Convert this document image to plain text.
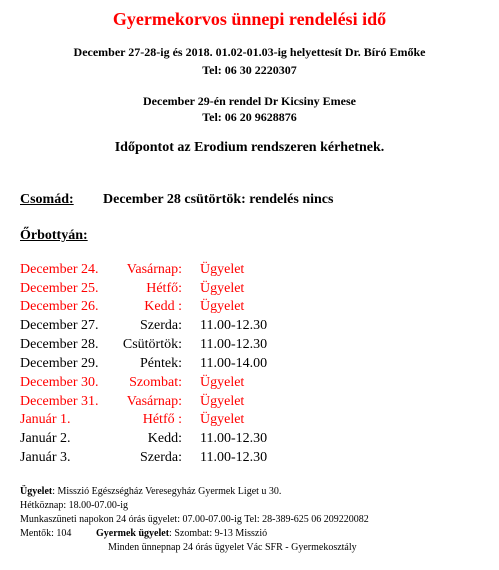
Gyermekorvos ünnepi rendelési idő
December 27-28-ig és 2018. 01.02-01.03-ig helyettesít Dr. Bíró Emőke
Tel: 06 30 2220307
December 29-én rendel Dr Kicsiny Emese
Tel: 06 20 9628876
Időpontot az Erodium rendszeren kérhetnek.
Csomád: December 28 csütörtök: rendelés nincs
Őrbottyán:
December 24.	Vasárnap: Ügyelet
December 25.	Hétfő: Ügyelet
December 26.	Kedd : Ügyelet
December 27.	Szerda: 11.00-12.30
December 28.	Csütörtök: 11.00-12.30
December 29.	Péntek: 11.00-14.00
December 30.	Szombat: Ügyelet
December 31.	Vasárnap: Ügyelet
Január 1.	Hétfő : Ügyelet
Január 2.	Kedd: 11.00-12.30
Január 3.	Szerda: 11.00-12.30
Ügyelet: Misszió Egészségház Veresegyház Gyermek Liget u 30.
Hétköznap: 18.00-07.00-ig
Munkaszüneti napokon 24 órás ügyelet: 07.00-07.00-ig Tel: 28-389-625 06 209220082
Mentők: 104 Gyermek ügyelet: Szombat: 9-13 Misszió
Minden ünnepnap 24 órás ügyelet Vác SFR - Gyermekosztály
